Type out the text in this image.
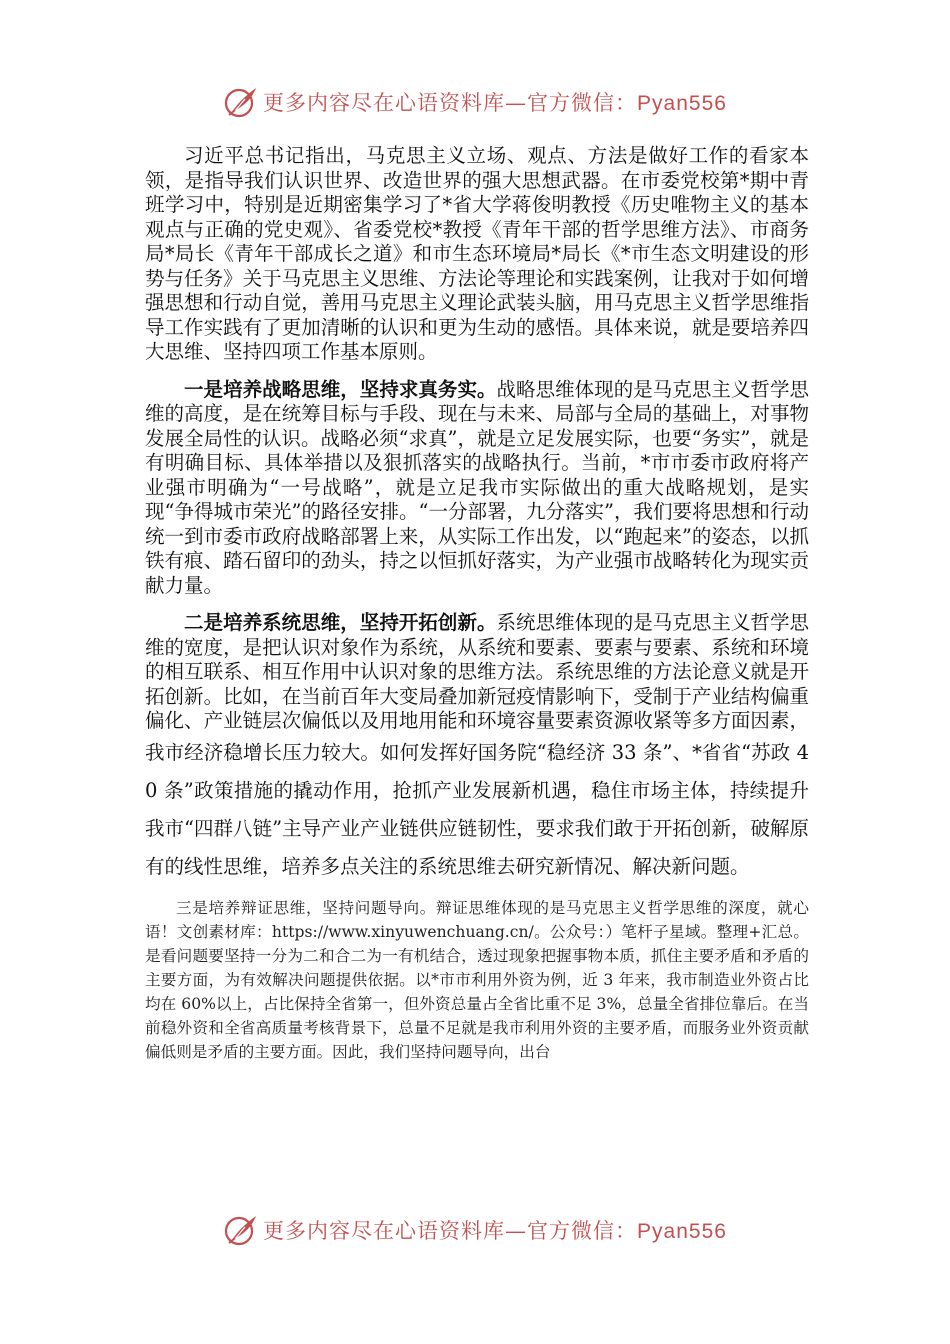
更多内容尽在心语资料库—官方微信：Pyan556

习近平总书记指出，马克思主义立场、观点、方法是做好工作的看家本领，是指导我们认识世界、改造世界的强大思想武器。在市委党校第*期中青班学习中，特别是近期密集学习了*省大学蒋俊明教授《历史唯物主义的基本观点与正确的党史观》、省委党校*教授《青年干部的哲学思维方法》、市商务局*局长《青年干部成长之道》和市生态环境局*局长《*市生态文明建设的形势与任务》关于马克思主义思维、方法论等理论和实践案例，让我对于如何增强思想和行动自觉，善用马克思主义理论武装头脑，用马克思主义哲学思维指导工作实践有了更加清晰的认识和更为生动的感悟。具体来说，就是要培养四大思维、坚持四项工作基本原则。

一是培养战略思维，坚持求真务实。战略思维体现的是马克思主义哲学思维的高度，是在统筹目标与手段、现在与未来、局部与全局的基础上，对事物发展全局性的认识。战略必须“求真”，就是立足发展实际，也要“务实”，就是有明确目标、具体举措以及狠抓落实的战略执行。当前，*市市委市政府将产业强市明确为“一号战略”，就是立足我市实际做出的重大战略规划，是实现“争得城市荣光”的路径安排。“一分部署，九分落实”，我们要将思想和行动统一到市委市政府战略部署上来，从实际工作出发，以“跑起来”的姿态，以抓铁有痕、踏石留印的劲头，持之以恒抓好落实，为产业强市战略转化为现实贡献力量。

二是培养系统思维，坚持开拓创新。系统思维体现的是马克思主义哲学思维的宽度，是把认识对象作为系统，从系统和要素、要素与要素、系统和环境的相互联系、相互作用中认识对象的思维方法。系统思维的方法论意义就是开拓创新。比如，在当前百年大变局叠加新冠疫情影响下，受制于产业结构偏重偏化、产业链层次偏低以及用地用能和环境容量要素资源收紧等多方面因素，我市经济稳增长压力较大。如何发挥好国务院“稳经济 33 条”、*省省“苏政 40 条”政策措施的撬动作用，抢抓产业发展新机遇，稳住市场主体，持续提升我市“四群八链”主导产业产业链供应链韧性，要求我们敢于开拓创新，破解原有的线性思维，培养多点关注的系统思维去研究新情况、解决新问题。

三是培养辩证思维，坚持问题导向。辩证思维体现的是马克思主义哲学思维的深度，就心语！文创素材库：https://www.xinyuwenchuang.cn/。公众号：）笔杆子星域。整理+汇总。是看问题要坚持一分为二和合二为一有机结合，透过现象把握事物本质，抓住主要矛盾和矛盾的主要方面，为有效解决问题提供依据。以*市市利用外资为例，近 3 年来，我市制造业外资占比均在 60%以上，占比保持全省第一，但外资总量占全省比重不足 3%，总量全省排位靠后。在当前稳外资和全省高质量考核背景下，总量不足就是我市利用外资的主要矛盾，而服务业外资贡献偏低则是矛盾的主要方面。因此，我们坚持问题导向，出台

更多内容尽在心语资料库—官方微信：Pyan556
